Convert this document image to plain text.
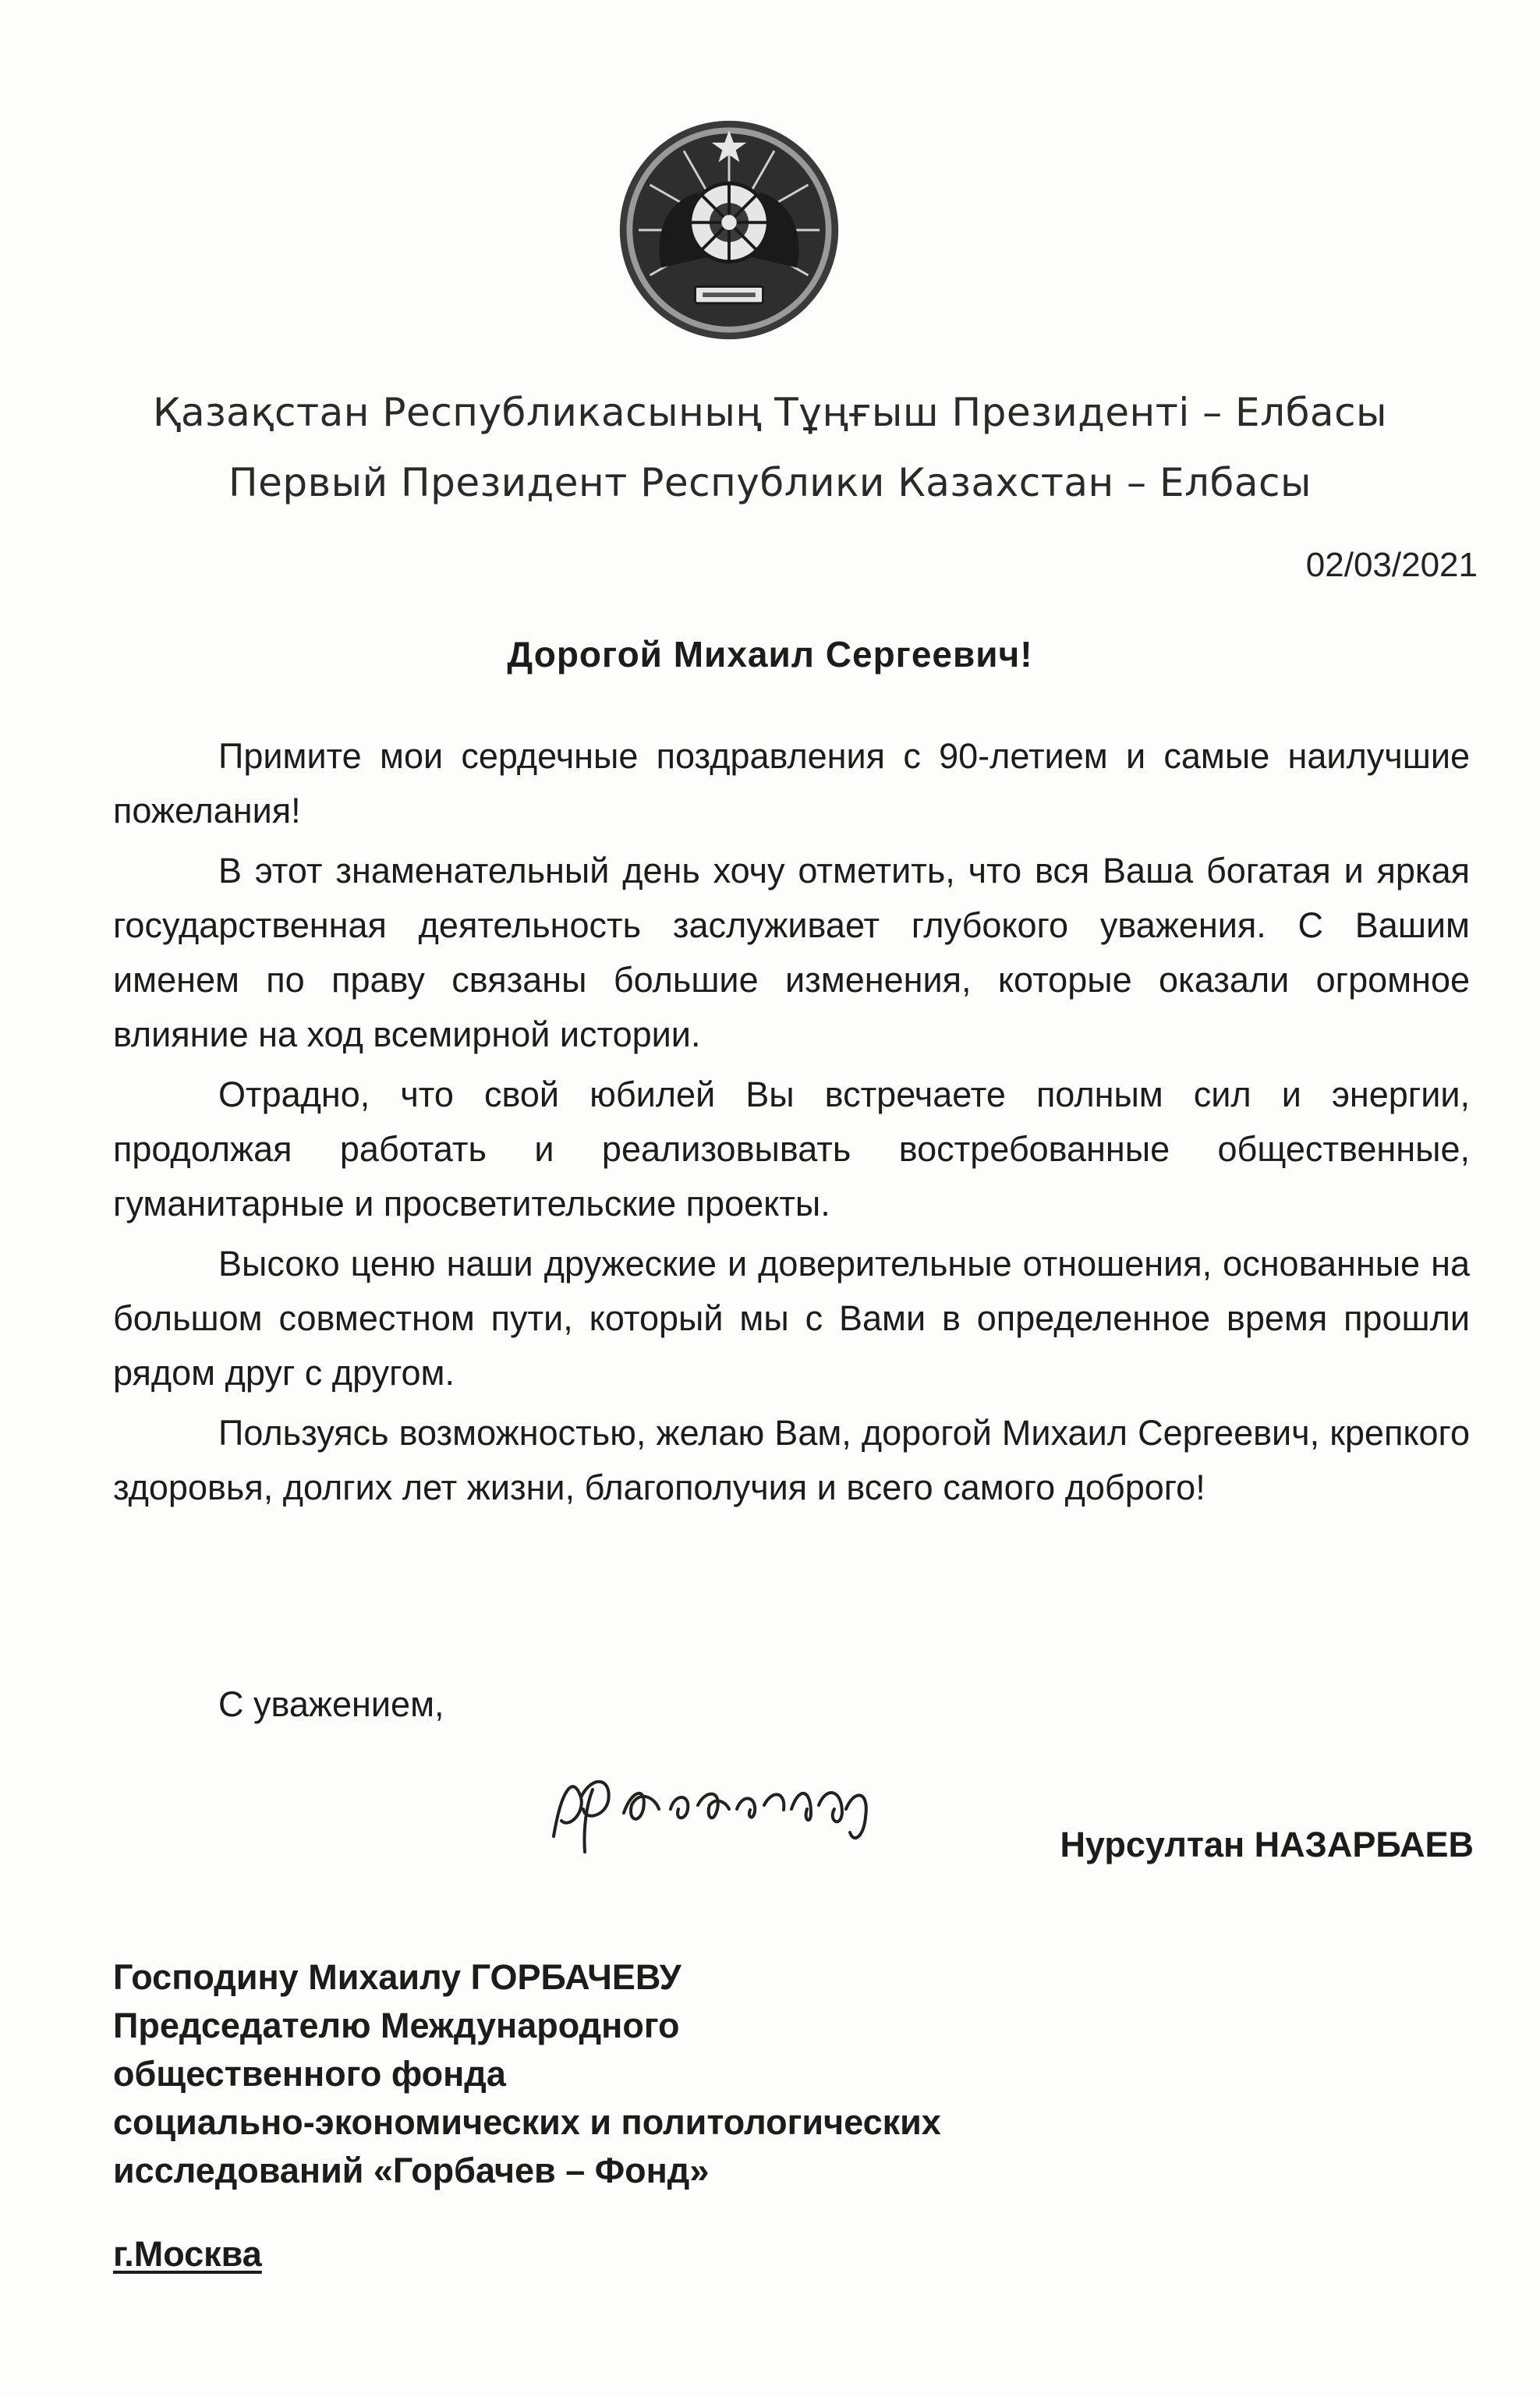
Қазақстан Республикасының Тұңғыш Президенті – Елбасы
Первый Президент Республики Казахстан – Елбасы
02/03/2021
Дорогой Михаил Сергеевич!

Примите мои сердечные поздравления с 90-летием и самые наилучшие пожелания!

В этот знаменательный день хочу отметить, что вся Ваша богатая и яркая государственная деятельность заслуживает глубокого уважения. С Вашим именем по праву связаны большие изменения, которые оказали огромное влияние на ход всемирной истории.

Отрадно, что свой юбилей Вы встречаете полным сил и энергии, продолжая работать и реализовывать востребованные общественные, гуманитарные и просветительские проекты.

Высоко ценю наши дружеские и доверительные отношения, основанные на большом совместном пути, который мы с Вами в определенное время прошли рядом друг с другом.

Пользуясь возможностью, желаю Вам, дорогой Михаил Сергеевич, крепкого здоровья, долгих лет жизни, благополучия и всего самого доброго!

С уважением,
Нурсултан НАЗАРБАЕВ
Господину Михаилу ГОРБАЧЕВУ
Председателю Международного
общественного фонда
социально-экономических и политологических
исследований «Горбачев – Фонд»
г.Москва
